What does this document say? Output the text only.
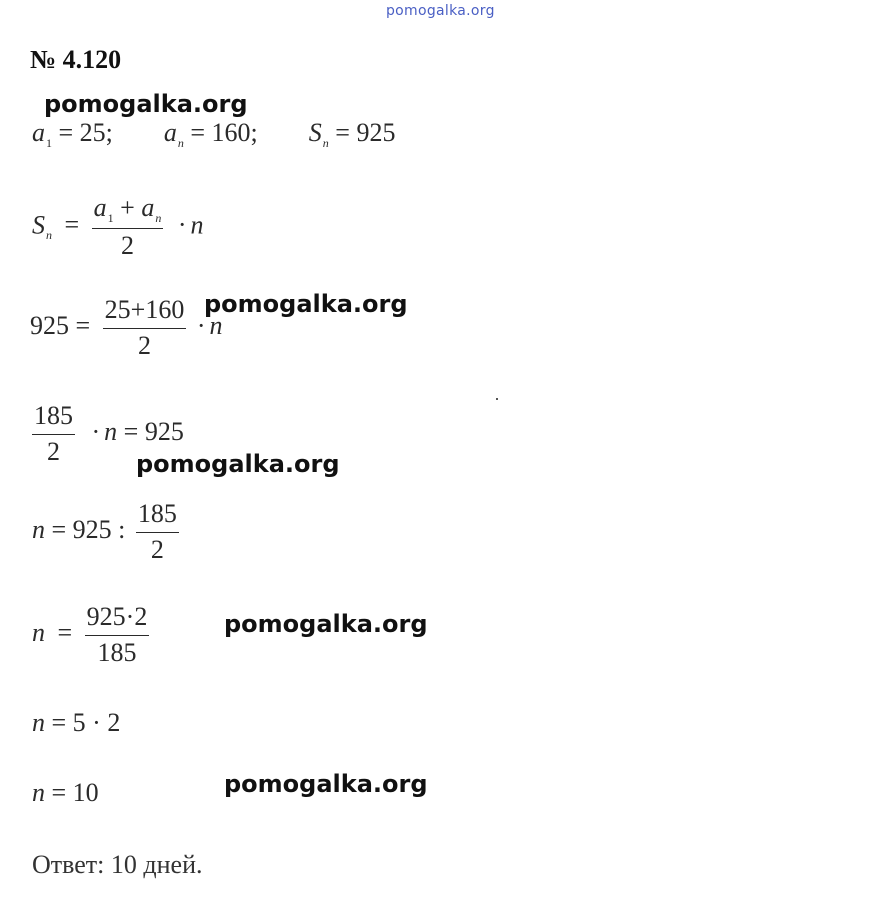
pomogalka.org
№ 4.120
pomogalka.org
$a_1 = 25$; $a_n = 160$; $S_n = 925$
$S_n = \frac{a_1 + a_n}{2} \cdot n$
$925 = \frac{25+160}{2} \cdot n$
pomogalka.org
$\frac{185}{2} \cdot n = 925$
pomogalka.org
n = 925 : $\frac{185}{2}$
$n = \frac{925\cdot 2}{185}$	pomogalka.org
n = 5 · 2
n = 10	pomogalka.org
Ответ: 10 дней.
